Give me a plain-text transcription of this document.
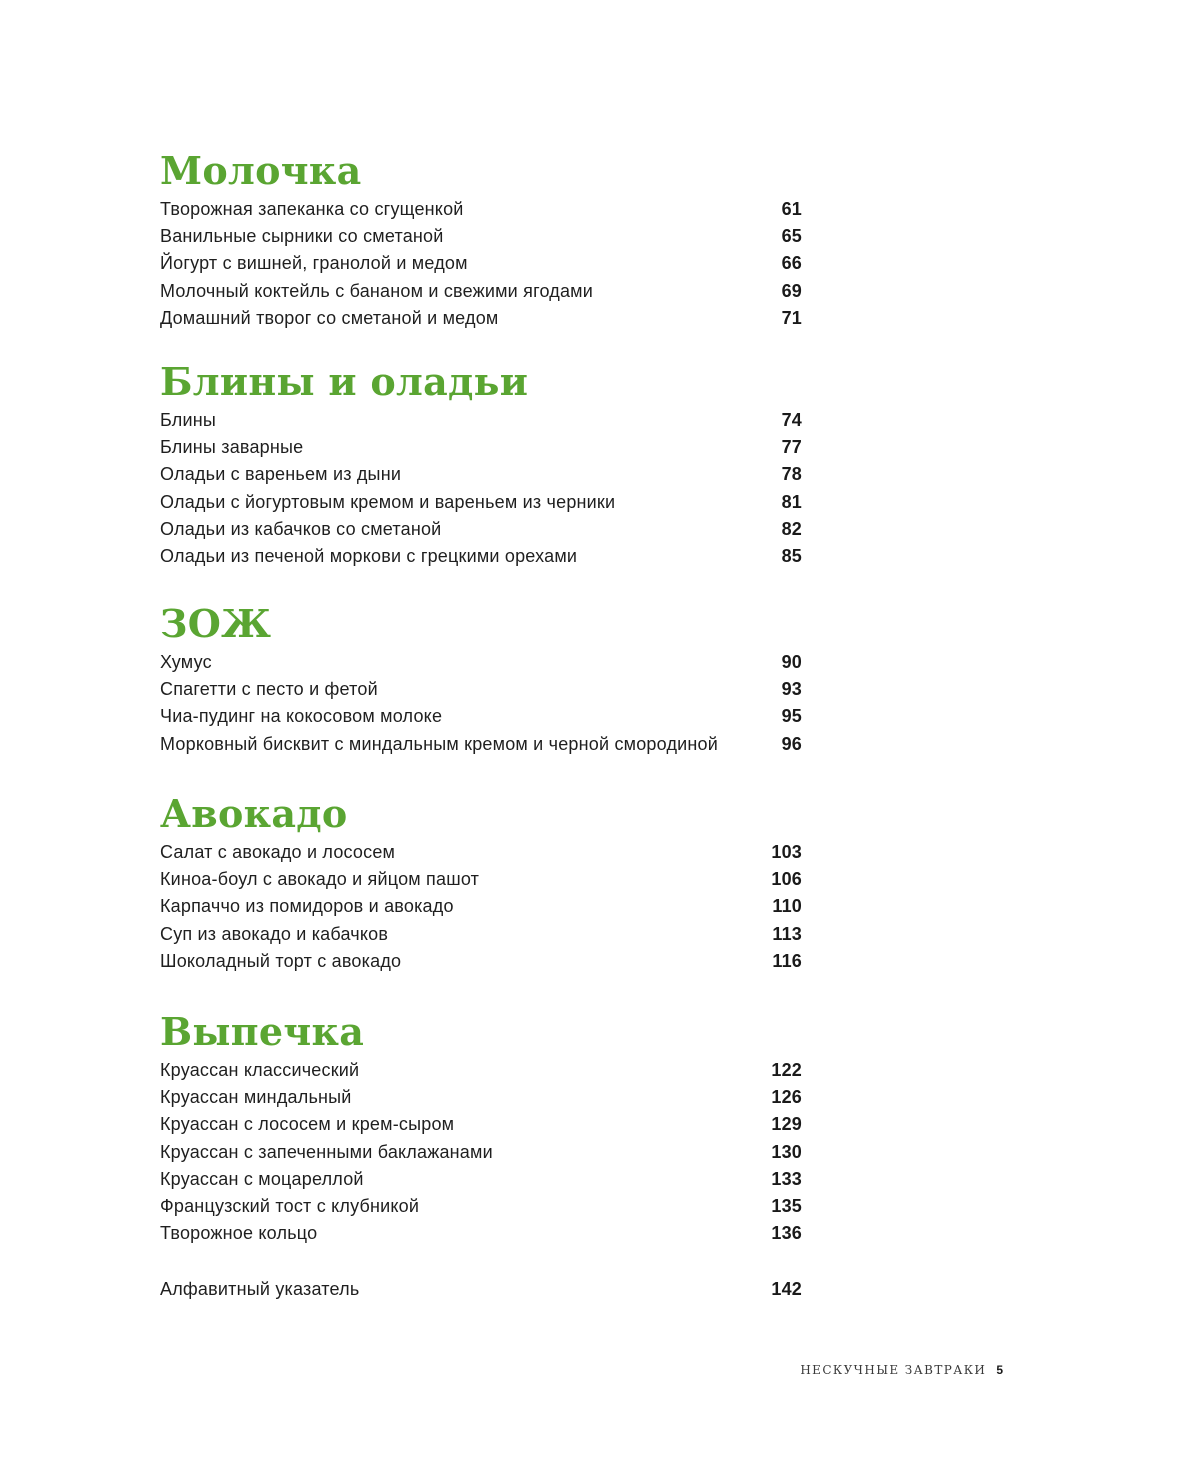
Молочка
Творожная запеканка со сгущенкой	61
Ванильные сырники со сметаной	65
Йогурт с вишней, гранолой и медом	66
Молочный коктейль с бананом и свежими ягодами	69
Домашний творог со сметаной и медом	71
Блины и оладьи
Блины	74
Блины заварные	77
Оладьи с вареньем из дыни	78
Оладьи с йогуртовым кремом и вареньем из черники	81
Оладьи из кабачков со сметаной	82
Оладьи из печеной моркови с грецкими орехами	85
ЗОЖ
Хумус	90
Спагетти с песто и фетой	93
Чиа-пудинг на кокосовом молоке	95
Морковный бисквит с миндальным кремом и черной смородиной	96
Авокадо
Салат с авокадо и лососем	103
Киноа-боул с авокадо и яйцом пашот	106
Карпаччо из помидоров и авокадо	110
Суп из авокадо и кабачков	113
Шоколадный торт с авокадо	116
Выпечка
Круассан классический	122
Круассан миндальный	126
Круассан с лососем и крем-сыром	129
Круассан с запеченными баклажанами	130
Круассан с моцареллой	133
Французский тост с клубникой	135
Творожное кольцо	136
Алфавитный указатель	142
НЕСКУЧНЫЕ ЗАВТРАКИ 5
